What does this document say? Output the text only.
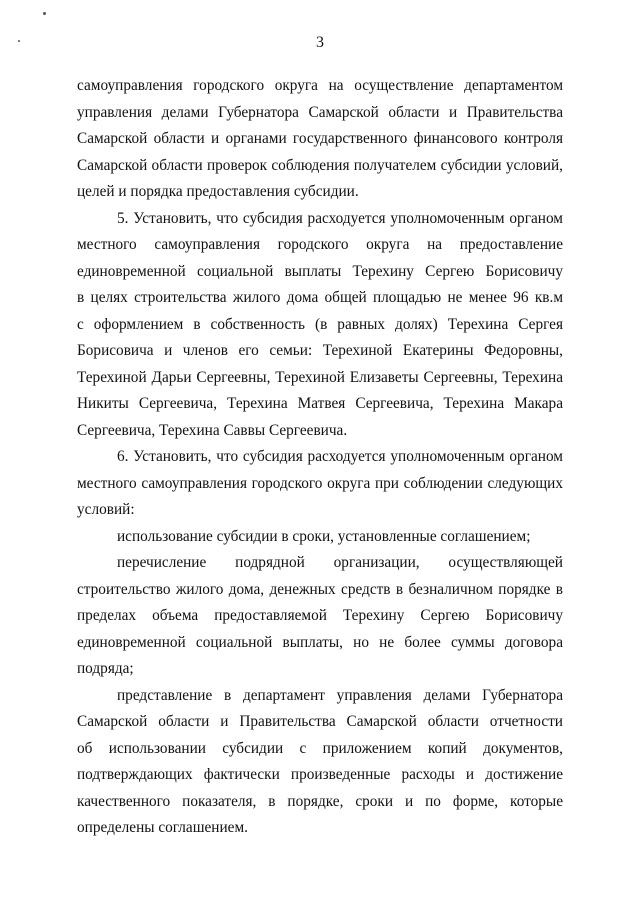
3

самоуправления городского округа на осуществление департаментом
управления делами Губернатора Самарской области и Правительства
Самарской области и органами государственного финансового контроля
Самарской области проверок соблюдения получателем субсидии условий,
целей и порядка предоставления субсидии.

5. Установить, что субсидия расходуется уполномоченным органом
местного самоуправления городского округа на предоставление
единовременной социальной выплаты Терехину Сергею Борисовичу
в целях строительства жилого дома общей площадью не менее 96 кв.м
с оформлением в собственность (в равных долях) Терехина Сергея
Борисовича и членов его семьи: Терехиной Екатерины Федоровны,
Терехиной Дарьи Сергеевны, Терехиной Елизаветы Сергеевны, Терехина
Никиты Сергеевича, Терехина Матвея Сергеевича, Терехина Макара
Сергеевича, Терехина Саввы Сергеевича.

6. Установить, что субсидия расходуется уполномоченным органом
местного самоуправления городского округа при соблюдении следующих
условий:

использование субсидии в сроки, установленные соглашением;

перечисление подрядной организации, осуществляющей
строительство жилого дома, денежных средств в безналичном порядке в
пределах объема предоставляемой Терехину Сергею Борисовичу
единовременной социальной выплаты, но не более суммы договора
подряда;

представление в департамент управления делами Губернатора
Самарской области и Правительства Самарской области отчетности
об использовании субсидии с приложением копий документов,
подтверждающих фактически произведенные расходы и достижение
качественного показателя, в порядке, сроки и по форме, которые
определены соглашением.
